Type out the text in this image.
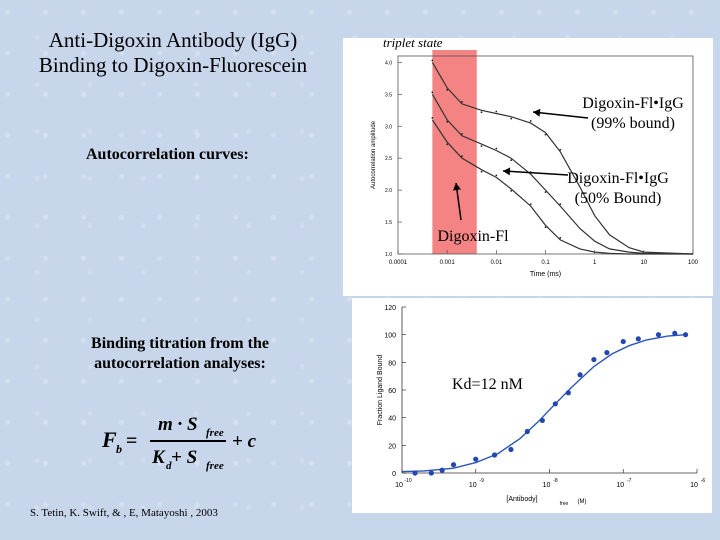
Anti-Digoxin Antibody (IgG)
Binding to Digoxin-Fluorescein
Autocorrelation curves:
Binding titration from the
autocorrelation analyses:
F b =
m · S free
K d + S free
+ c
S. Tetin, K. Swift, & , E, Matayoshi , 2003
triplet state
1.0
1.5
2.0
2.5
3.0
3.5
4.0
0.0001	0.001	0.01	0.1	1	10	100
Time (ms)
Autocorrelation amplitude
Digoxin-Fl•IgG
(99% bound)
Digoxin-Fl•IgG
(50% Bound)
Digoxin-Fl
0
20
40
60
80
100
120
10
-10
10
-9
10
-8
10
-7
10
-6
[Antibody]
free (M)
Fraction Ligand Bound	Kd=12 nM
